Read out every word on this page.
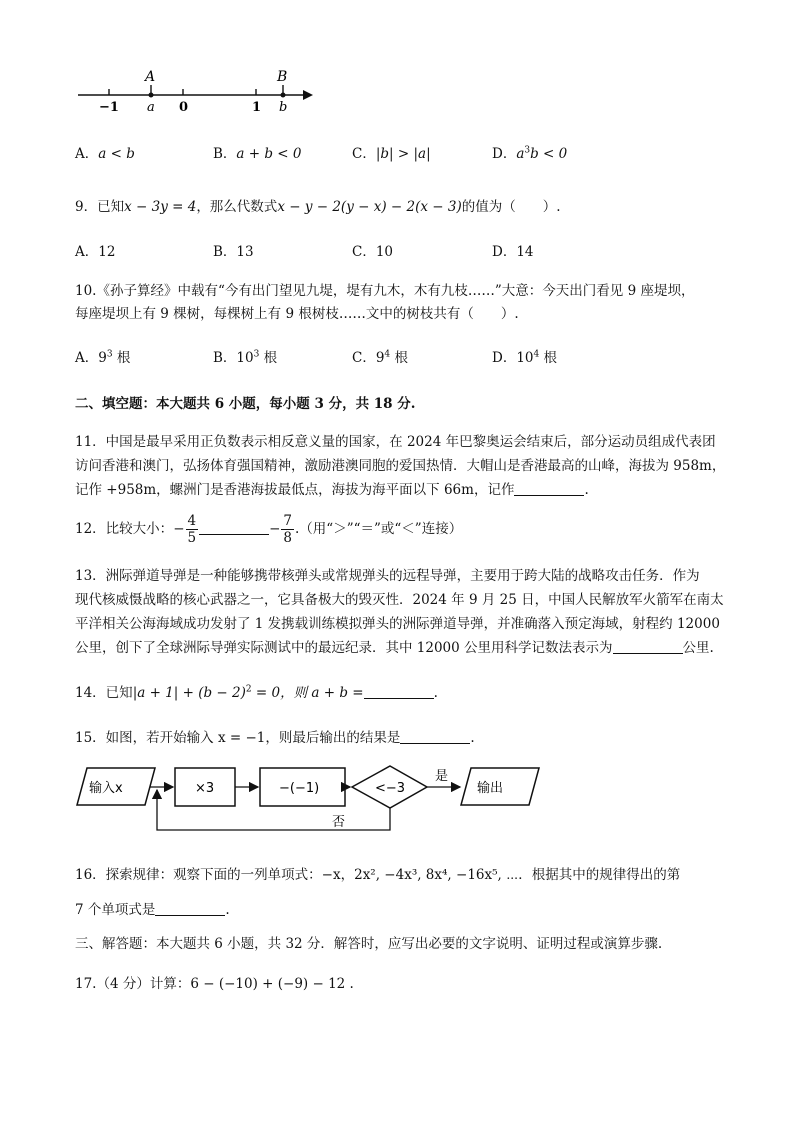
A	B
−1 a 0	1 b
A．a < b	B．a + b < 0	C．|b| > |a|	D．$a^3b < 0$
9．已知x − 3y = 4，那么代数式x − y − 2(y − x) − 2(x − 3)的值为（　　）.
A．12	B．13	C．10	D．14
10.《孙子算经》中载有“今有出门望见九堤，堤有九木，木有九枝……”大意：今天出门看见 9 座堤坝，
每座堤坝上有 9 棵树，每棵树上有 9 根树枝……文中的树枝共有（　　）.
A．$9^3$ 根	B．$10^3$ 根	C．$9^4$ 根	D．$10^4$ 根
二、填空题：本大题共 6 小题，每小题 3 分，共 18 分.
11．中国是最早采用正负数表示相反意义量的国家，在 2024 年巴黎奥运会结束后，部分运动员组成代表团
访问香港和澳门，弘扬体育强国精神，激励港澳同胞的爱国热情．大帽山是香港最高的山峰，海拔为 958m，
记作 +958m，螺洲门是香港海拔最低点，海拔为海平面以下 66m，记作	.
12．比较大小：− $\frac{4}{5}$	− $\frac{7}{8}$ .（用“＞”“＝”或“＜”连接）
13．洲际弹道导弹是一种能够携带核弹头或常规弹头的远程导弹，主要用于跨大陆的战略攻击任务．作为
现代核威慑战略的核心武器之一，它具备极大的毁灭性．2024 年 9 月 25 日，中国人民解放军火箭军在南太
平洋相关公海海域成功发射了 1 发携载训练模拟弹头的洲际弹道导弹，并准确落入预定海域，射程约 12000
公里，创下了全球洲际导弹实际测试中的最远纪录．其中 12000 公里用科学记数法表示为	公里.
14．已知$|a + 1| + (b - 2)^2 = 0$，则 a + b =	.
15．如图，若开始输入 x = −1，则最后输出的结果是	.
输入x	×3	−(−1)	<−3
是
输出
否
16．探索规律：观察下面的一列单项式：−x，2x², −4x³, 8x⁴, −16x⁵, ⋯．根据其中的规律得出的第
7 个单项式是	.
三、解答题：本大题共 6 小题，共 32 分．解答时，应写出必要的文字说明、证明过程或演算步骤.
17.（4 分）计算：6 − (−10) + (−9) − 12 .
